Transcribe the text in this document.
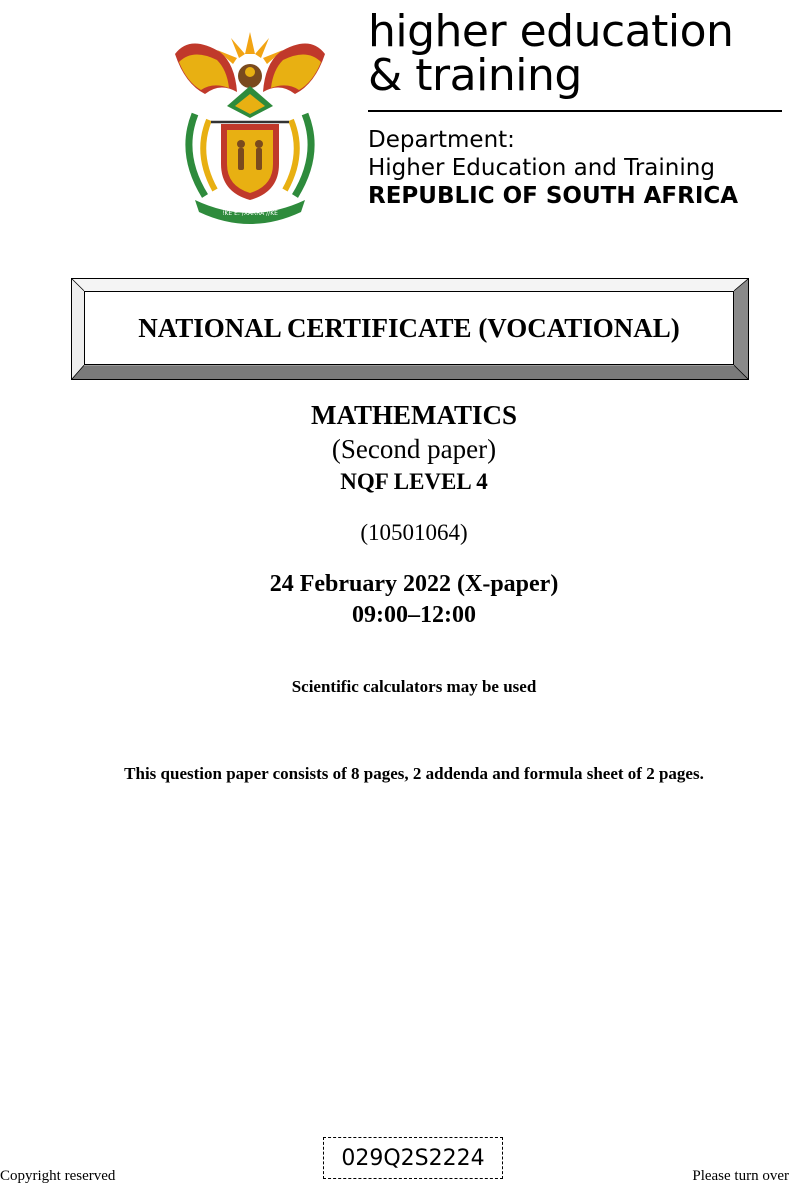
!KE E: /XARRA //KE
higher education
& training
Department:
Higher Education and Training
REPUBLIC OF SOUTH AFRICA
NATIONAL CERTIFICATE (VOCATIONAL)
MATHEMATICS
(Second paper)
NQF LEVEL 4
(10501064)
24 February 2022 (X-paper)
09:00–12:00
Scientific calculators may be used
This question paper consists of 8 pages, 2 addenda and formula sheet of 2 pages.
029Q2S2224
Copyright reserved	Please turn over
